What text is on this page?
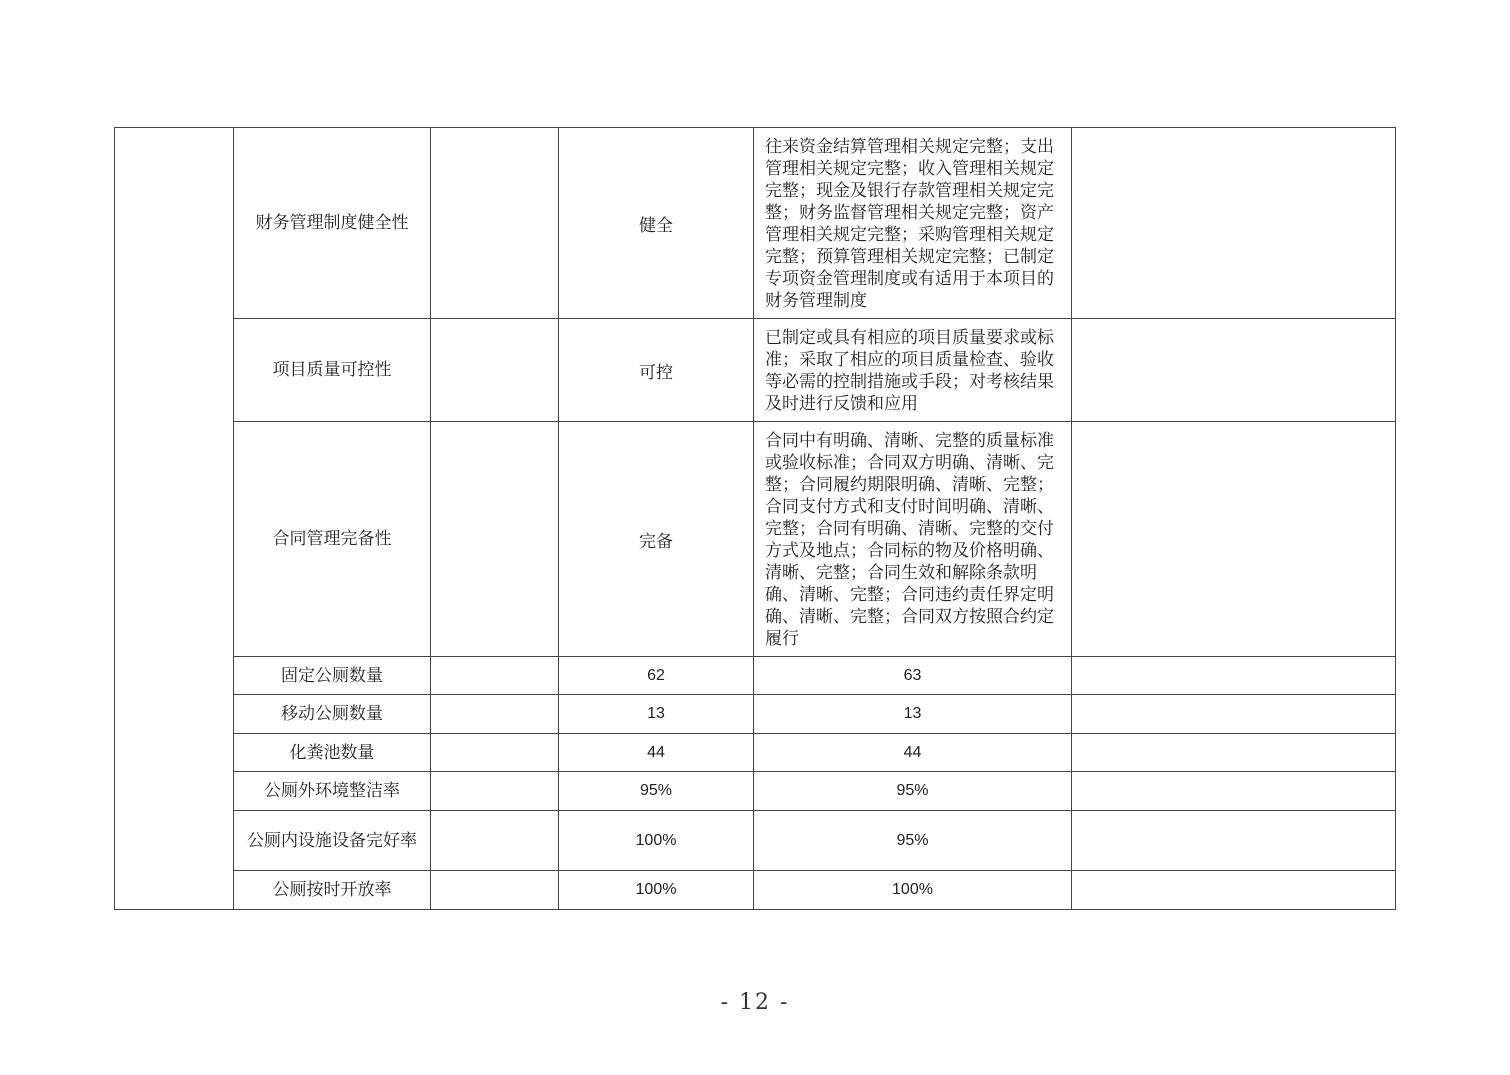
	财务管理制度健全性		健全	往来资金结算管理相关规定完整；支出管理相关规定完整；收入管理相关规定完整；现金及银行存款管理相关规定完整；财务监督管理相关规定完整；资产管理相关规定完整；采购管理相关规定完整；预算管理相关规定完整；已制定专项资金管理制度或有适用于本项目的财务管理制度	
	项目质量可控性		可控	已制定或具有相应的项目质量要求或标准；采取了相应的项目质量检查、验收等必需的控制措施或手段；对考核结果及时进行反馈和应用	
	合同管理完备性		完备	合同中有明确、清晰、完整的质量标准或验收标准；合同双方明确、清晰、完整；合同履约期限明确、清晰、完整；合同支付方式和支付时间明确、清晰、完整；合同有明确、清晰、完整的交付方式及地点；合同标的物及价格明确、清晰、完整；合同生效和解除条款明确、清晰、完整；合同违约责任界定明确、清晰、完整；合同双方按照合约定履行	
	固定公厕数量		62	63	
	移动公厕数量		13	13	
	化粪池数量		44	44	
	公厕外环境整洁率		95%	95%	
	公厕内设施设备完好率		100%	95%	
	公厕按时开放率		100%	100%	
- 12 -
